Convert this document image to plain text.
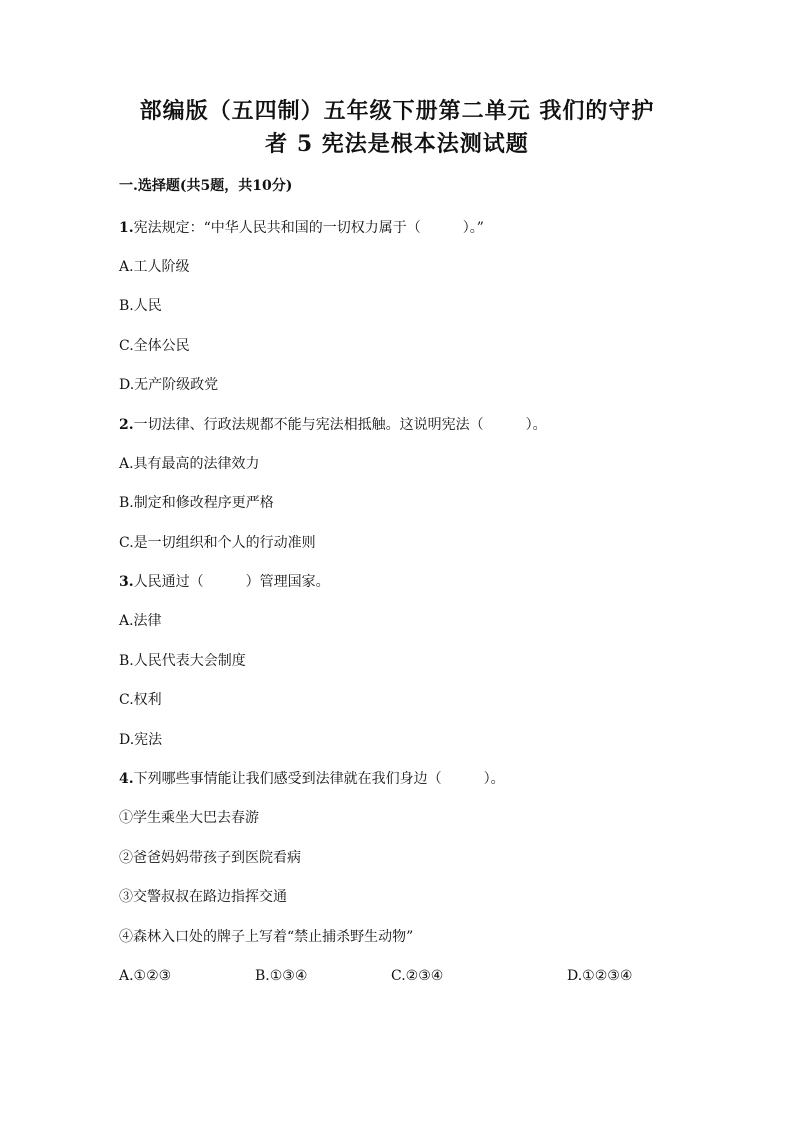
部编版（五四制）五年级下册第二单元 我们的守护
者 5 宪法是根本法测试题
一.选择题(共5题，共10分)
1.宪法规定：“中华人民共和国的一切权力属于（　　　）。”
A.工人阶级
B.人民
C.全体公民
D.无产阶级政党
2.一切法律、行政法规都不能与宪法相抵触。这说明宪法（　　　）。
A.具有最高的法律效力
B.制定和修改程序更严格
C.是一切组织和个人的行动准则
3.人民通过（　　　）管理国家。
A.法律
B.人民代表大会制度
C.权利
D.宪法
4.下列哪些事情能让我们感受到法律就在我们身边（　　　）。
①学生乘坐大巴去春游
②爸爸妈妈带孩子到医院看病
③交警叔叔在路边指挥交通
④森林入口处的牌子上写着“禁止捕杀野生动物”
A.①②③	B.①③④	C.②③④	D.①②③④
